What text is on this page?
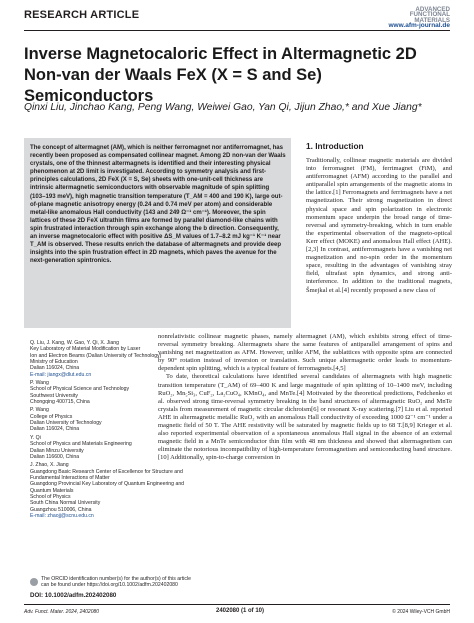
RESEARCH ARTICLE	ADVANCED
FUNCTIONAL
MATERIALS
www.afm-journal.de
Inverse Magnetocaloric Effect in Altermagnetic 2D Non-van der Waals FeX (X = S and Se) Semiconductors
Qinxi Liu, Jinchao Kang, Peng Wang, Weiwei Gao, Yan Qi, Jijun Zhao,* and Xue Jiang*
The concept of altermagnet (AM), which is neither ferromagnet nor antiferromagnet, has recently been proposed as compensated collinear magnet. Among 2D non-van der Waals crystals, one of the thinnest altermagnets is identified and their interesting physical phenomenon at 2D limit is investigated. According to symmetry analysis and first-principles calculations, 2D FeX (X = S, Se) sheets with one-unit-cell thickness are intrinsic altermagnetic semiconductors with observable magnitude of spin splitting (103–193 meV), high magnetic transition temperature (T_AM = 400 and 190 K), large out-of-plane magnetic anisotropy energy (0.24 and 0.74 meV per atom) and considerable metal-like anomalous Hall conductivity (143 and 249 Ω⁻¹ cm⁻¹). Moreover, the spin lattices of these 2D FeX ultrathin films are formed by parallel diamond-like chains with spin frustrated interaction through spin exchange along the b direction. Consequently, an inverse magnetocaloric effect with positive ΔS_M values of 1.7–8.2 mJ kg⁻¹ K⁻¹ near T_AM is observed. These results enrich the database of altermagnets and provide deep insights into the spin frustration effect in 2D magnets, which paves the avenue for the next-generation spintronics.
Q. Liu, J. Kang, W. Gao, Y. Qi, X. Jiang
Key Laboratory of Material Modification by Laser
Ion and Electron Beams (Dalian University of Technology)
Ministry of Education
Dalian 116024, China
E-mail: jiangx@dlut.edu.cn
P. Wang
School of Physical Science and Technology
Southwest University
Chongqing 400715, China
P. Wang
College of Physics
Dalian University of Technology
Dalian 116024, China
Y. Qi
School of Physics and Materials Engineering
Dalian Minzu University
Dalian 116600, China
J. Zhao, X. Jiang
Guangdong Basic Research Center of Excellence for Structure and
Fundamental Interactions of Matter
Guangdong Provincial Key Laboratory of Quantum Engineering and
Quantum Materials
School of Physics
South China Normal University
Guangzhou 510006, China
E-mail: zhaojj@scnu.edu.cn
The ORCID identification number(s) for the author(s) of this article
can be found under https://doi.org/10.1002/adfm.202402080
DOI: 10.1002/adfm.202402080
1. Introduction

Traditionally, collinear magnetic materials are divided into ferromagnet (FM), ferrimagnet (FiM), and antiferromagnet (AFM) according to the parallel and antiparallel spin arrangements of the magnetic atoms in the lattice.[1] Ferromagnets and ferrimagnets have a net magnetization. Their strong magnetization in direct physical space and spin polarization in electronic momentum space underpin the broad range of time-reversal and symmetry-breaking, which in turn enable the experimental observation of the magneto-optical Kerr effect (MOKE) and anomalous Hall effect (AHE).[2,3] In contrast, antiferromagnets have a vanishing net magnetization and no-spin order in the momentum space, resulting in the advantages of vanishing stray field, ultrafast spin dynamics, and strong anti-interference. In addition to the traditional magnets, Šmejkal et al.[4] recently proposed a new class of

nonrelativistic collinear magnetic phases, namely altermagnet (AM), which exhibits strong effect of time-reversal symmetry breaking. Altermagnets share the same features of antiparallel arrangement of spins and vanishing net magnetization as AFM. However, unlike AFM, the sublattices with opposite spins are connected by 90° rotation instead of inversion or translation. Such unique altermagnetic order leads to momentum-dependent spin splitting, which is a typical feature of ferromagnets.[4,5]

To date, theoretical calculations have identified several candidates of altermagnets with high magnetic transition temperature (T_AM) of 69–400 K and large magnitude of spin splitting of 10–1400 meV, including RuO₂, Mn₅Si₃, CuF₂, La₂CuO₄, KMnO₄, and MnTe.[4] Motivated by the theoretical predictions, Fedchenko et al. observed strong time-reversal symmetry breaking in the band structures of altermagnetic RuO₂ and MnTe crystals from measurement of magnetic circular dichroism[6] or resonant X-ray scattering.[7] Liu et al. reported AHE in altermagnetic metallic RuO₂ with an anomalous Hall conductivity of exceeding 1000 Ω⁻¹ cm⁻¹ under a magnetic field of 50 T. The AHE resistivity will be saturated by magnetic fields up to 68 T.[8,9] Krieger et al. also reported experimental observation of a spontaneous anomalous Hall signal in the absence of an external magnetic field in a MnTe semiconductor thin film with 48 nm thickness and showed that altermagnetism can eliminate the notorious incompatibility of high-temperature ferromagnetism and semiconducting band structure.[10] Additionally, spin-to-charge conversion in

Adv. Funct. Mater. 2024, 2402080	2402080 (1 of 10)	© 2024 Wiley-VCH GmbH
